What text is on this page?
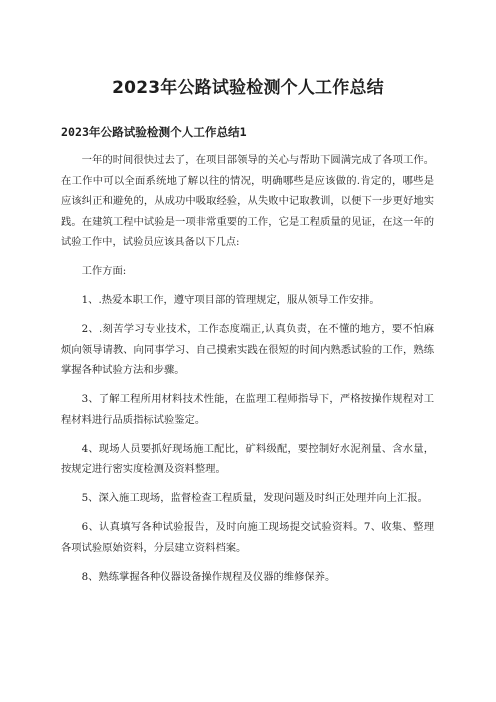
2023年公路试验检测个人工作总结
2023年公路试验检测个人工作总结1

一年的时间很快过去了，在项目部领导的关心与帮助下圆满完成了各项工作。在工作中可以全面系统地了解以往的情况，明确哪些是应该做的.肯定的，哪些是应该纠正和避免的，从成功中吸取经验，从失败中记取教训，以便下一步更好地实践。在建筑工程中试验是一项非常重要的工作，它是工程质量的见证，在这一年的试验工作中，试验员应该具备以下几点:

工作方面:

1、.热爱本职工作，遵守项目部的管理规定，服从领导工作安排。

2、.刻苦学习专业技术，工作态度端正,认真负责，在不懂的地方，要不怕麻烦向领导请教、向同事学习、自己摸索实践在很短的时间内熟悉试验的工作，熟练掌握各种试验方法和步骤。

3、了解工程所用材料技术性能，在监理工程师指导下，严格按操作规程对工程材料进行品质指标试验鉴定。

4、现场人员要抓好现场施工配比，矿料级配，要控制好水泥剂量、含水量，按规定进行密实度检测及资料整理。

5、深入施工现场，监督检查工程质量，发现问题及时纠正处理并向上汇报。

6、认真填写各种试验报告，及时向施工现场提交试验资料。7、收集、整理各项试验原始资料，分层建立资料档案。

8、熟练掌握各种仪器设备操作规程及仪器的维修保养。
